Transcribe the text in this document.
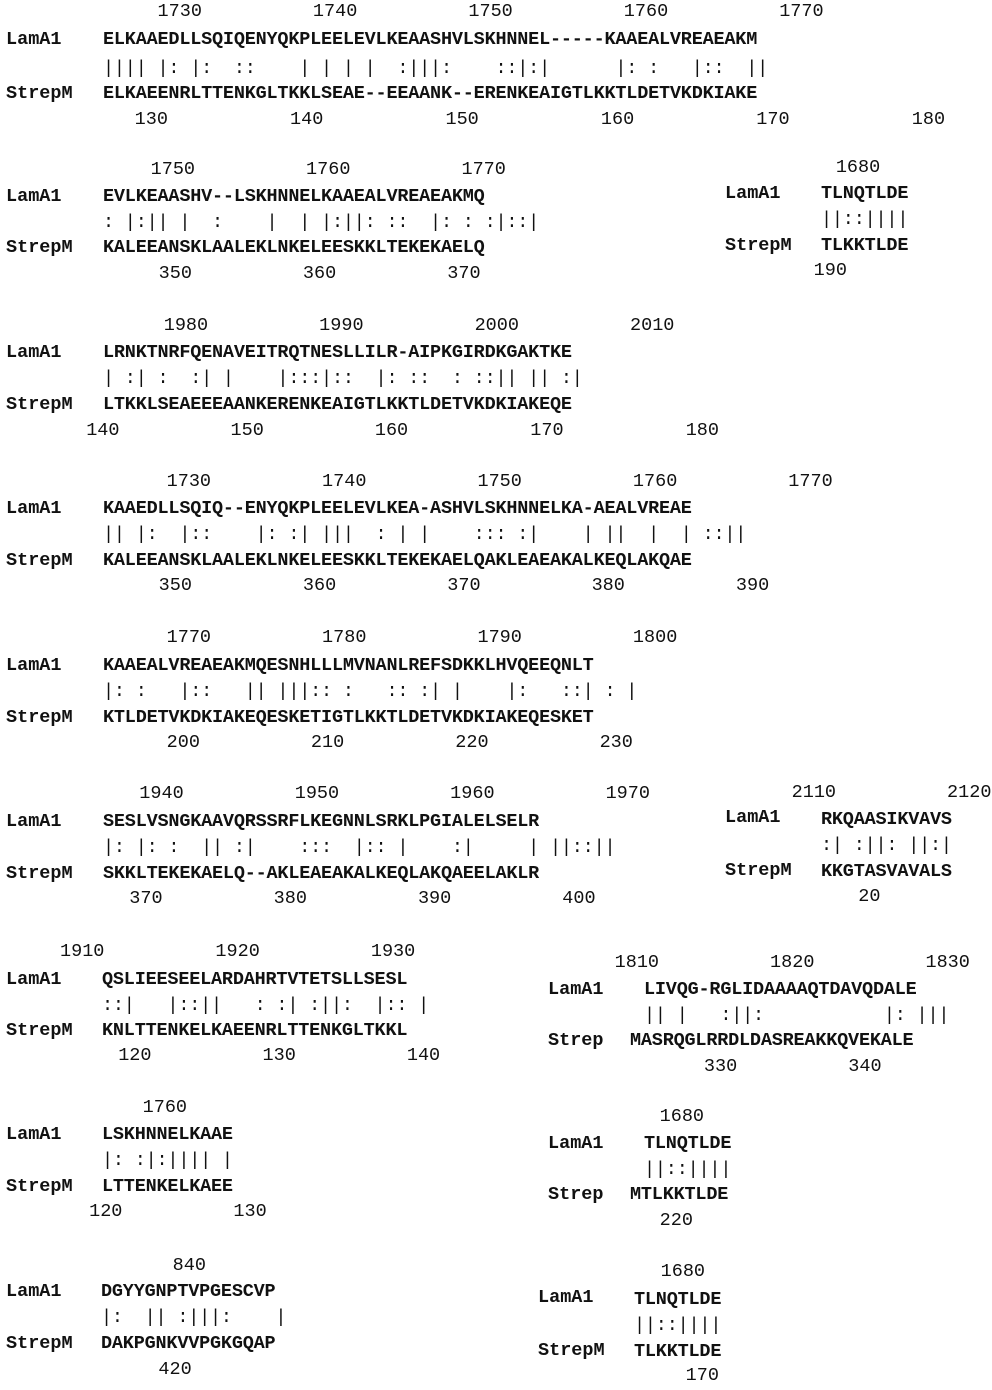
1730          1740          1750          1760          1770
LamA1 ELKAAEDLLSQIQENYQKPLEELEVLKEAASHVLSKHNNEL-----KAAEALVREAEAKM
|||| |: |:  ::    | | | |  :|||:    ::|:|      |: :   |::  ||
StrepM ELKAEENRLTTENKGLTKKLSEAE--EEAANK--ERENKEAIGTLKKTLDETVKDKIAKE
130           140           150           160           170           180
1750          1760          1770
LamA1 EVLKEAASHV--LSKHNNELKAAEALVREAEAKMQ
: |:|| |  :    |  | |:||: ::  |: : :|::|
StrepM KALEEANSKLAALEKLNKELEESKKLTEKEKAELQ
350          360          370
1680
LamA1 TLNQTLDE
||::||||
StrepM TLKKTLDE
190
1980          1990          2000          2010
LamA1 LRNKTNRFQENAVEITRQTNESLLILR-AIPKGIRDKGAKTKE
| :| :  :| |    |:::|::  |: ::  : ::|| || :|
StrepM LTKKLSEAEEEAANKERENKEAIGTLKKTLDETVKDKIAKEQE
140          150          160           170           180
1730          1740          1750          1760          1770
LamA1 KAAEDLLSQIQ--ENYQKPLEELEVLKEA-ASHVLSKHNNELKA-AEALVREAE
|| |:  |::    |: :| |||  : | |    ::: :|    | ||  |  | ::||
StrepM KALEEANSKLAALEKLNKELEESKKLTEKEKAELQAKLEAEAKALKEQLAKQAE
350          360          370          380          390
1770          1780          1790          1800
LamA1 KAAEALVREAEAKMQESNHLLLMVNANLREFSDKKLHVQEEQNLT
|: :   |::   || |||:: :   :: :| |    |:   ::| : |
StrepM KTLDETVKDKIAKEQESKETIGTLKKTLDETVKDKIAKEQESKET
200          210          220          230
1940          1950          1960          1970
LamA1 SESLVSNGKAAVQRSSRFLKEGNNLSRKLPGIALELSELR
|: |: :  || :|    :::  |:: |    :|     | ||::||
StrepM SKKLTEKEKAELQ--AKLEAEAKALKEQLAKQAEELAKLR
370          380          390          400
2110          2120
LamA1 RKQAASIKVAVS
:| :||: ||:|
StrepM KKGTASVAVALS
20
1910          1920          1930
LamA1 QSLIEESEELARDAHRTVTETSLLSESL
::|   |::||   : :| :||:  |:: |
StrepM KNLTTENKELKAEENRLTTENKGLTKKL
120          130          140
1810          1820          1830
LamA1 LIVQG-RGLIDAAAAQTDAVQDALE
|| |   :||:           |: |||
Strep MASRQGLRRDLDASREAKKQVEKALE
330          340
1760
LamA1 LSKHNNELKAAE
|: :|:|||| |
StrepM LTTENKELKAEE
120          130
1680
LamA1 TLNQTLDE
||::||||
Strep MTLKKTLDE
220
840
LamA1 DGYYGNPTVPGESCVP
|:  || :|||:    |
StrepM DAKPGNKVVPGKGQAP
420
1680
LamA1 TLNQTLDE
||::||||
StrepM TLKKTLDE
170
